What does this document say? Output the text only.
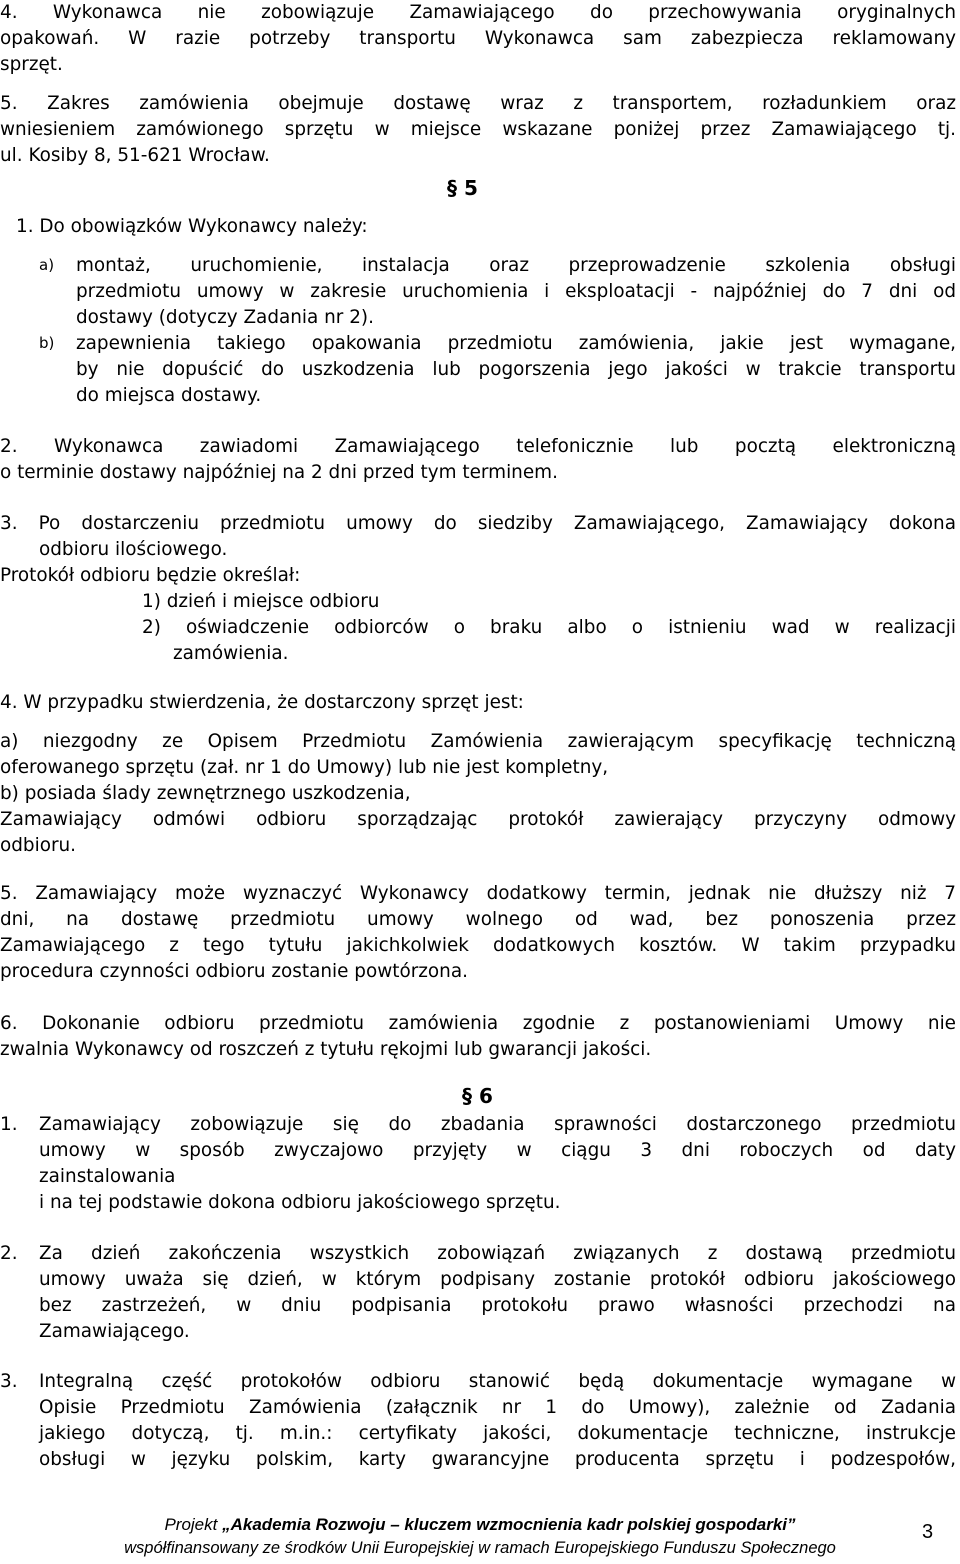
4. Wykonawca nie zobowiązuje Zamawiającego do przechowywania oryginalnych
opakowań. W razie potrzeby transportu Wykonawca sam zabezpiecza reklamowany
sprzęt.
5. Zakres zamówienia obejmuje dostawę wraz z transportem, rozładunkiem oraz
wniesieniem zamówionego sprzętu w miejsce wskazane poniżej przez Zamawiającego tj.
ul. Kosiby 8, 51-621 Wrocław.
§ 5
1. Do obowiązków Wykonawcy należy:
a) montaż, uruchomienie, instalacja oraz przeprowadzenie szkolenia obsługi
przedmiotu umowy w zakresie uruchomienia i eksploatacji - najpóźniej do 7 dni od
dostawy (dotyczy Zadania nr 2).
b) zapewnienia takiego opakowania przedmiotu zamówienia, jakie jest wymagane,
by nie dopuścić do uszkodzenia lub pogorszenia jego jakości w trakcie transportu
do miejsca dostawy.
2. Wykonawca zawiadomi Zamawiającego telefonicznie lub pocztą elektroniczną
o terminie dostawy najpóźniej na 2 dni przed tym terminem.
3. Po dostarczeniu przedmiotu umowy do siedziby Zamawiającego, Zamawiający dokona
odbioru ilościowego.
Protokół odbioru będzie określał:
1) dzień i miejsce odbioru
2) oświadczenie odbiorców o braku albo o istnieniu wad w realizacji
zamówienia.
4. W przypadku stwierdzenia, że dostarczony sprzęt jest:
a) niezgodny ze Opisem Przedmiotu Zamówienia zawierającym specyfikację techniczną
oferowanego sprzętu (zał. nr 1 do Umowy) lub nie jest kompletny,
b) posiada ślady zewnętrznego uszkodzenia,
Zamawiający odmówi odbioru sporządzając protokół zawierający przyczyny odmowy
odbioru.
5. Zamawiający może wyznaczyć Wykonawcy dodatkowy termin, jednak nie dłuższy niż 7
dni, na dostawę przedmiotu umowy wolnego od wad, bez ponoszenia przez
Zamawiającego z tego tytułu jakichkolwiek dodatkowych kosztów. W takim przypadku
procedura czynności odbioru zostanie powtórzona.
6. Dokonanie odbioru przedmiotu zamówienia zgodnie z postanowieniami Umowy nie
zwalnia Wykonawcy od roszczeń z tytułu rękojmi lub gwarancji jakości.
§ 6
1. Zamawiający zobowiązuje się do zbadania sprawności dostarczonego przedmiotu
umowy w sposób zwyczajowo przyjęty w ciągu 3 dni roboczych od daty
zainstalowania
i na tej podstawie dokona odbioru jakościowego sprzętu.
2. Za dzień zakończenia wszystkich zobowiązań związanych z dostawą przedmiotu
umowy uważa się dzień, w którym podpisany zostanie protokół odbioru jakościowego
bez zastrzeżeń, w dniu podpisania protokołu prawo własności przechodzi na
Zamawiającego.
3. Integralną część protokołów odbioru stanowić będą dokumentacje wymagane w
Opisie Przedmiotu Zamówienia (załącznik nr 1 do Umowy), zależnie od Zadania
jakiego dotyczą, tj. m.in.: certyfikaty jakości, dokumentacje techniczne, instrukcje
obsługi w języku polskim, karty gwarancyjne producenta sprzętu i podzespołów,
Projekt „Akademia Rozwoju – kluczem wzmocnienia kadr polskiej gospodarki”
współfinansowany ze środków Unii Europejskiej w ramach Europejskiego Funduszu Społecznego
3
